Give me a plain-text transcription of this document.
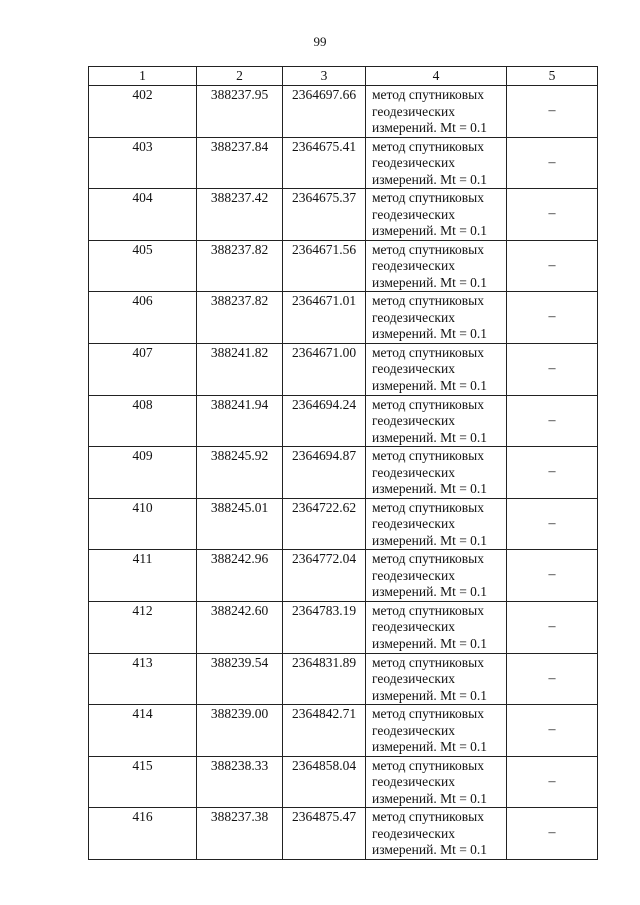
99
1	2	3	4	5
402	388237.95	2364697.66	метод спутниковых
геодезических
измерений. Mt = 0.1	–
403	388237.84	2364675.41	метод спутниковых
геодезических
измерений. Mt = 0.1	–
404	388237.42	2364675.37	метод спутниковых
геодезических
измерений. Mt = 0.1	–
405	388237.82	2364671.56	метод спутниковых
геодезических
измерений. Mt = 0.1	–
406	388237.82	2364671.01	метод спутниковых
геодезических
измерений. Mt = 0.1	–
407	388241.82	2364671.00	метод спутниковых
геодезических
измерений. Mt = 0.1	–
408	388241.94	2364694.24	метод спутниковых
геодезических
измерений. Mt = 0.1	–
409	388245.92	2364694.87	метод спутниковых
геодезических
измерений. Mt = 0.1	–
410	388245.01	2364722.62	метод спутниковых
геодезических
измерений. Mt = 0.1	–
411	388242.96	2364772.04	метод спутниковых
геодезических
измерений. Mt = 0.1	–
412	388242.60	2364783.19	метод спутниковых
геодезических
измерений. Mt = 0.1	–
413	388239.54	2364831.89	метод спутниковых
геодезических
измерений. Mt = 0.1	–
414	388239.00	2364842.71	метод спутниковых
геодезических
измерений. Mt = 0.1	–
415	388238.33	2364858.04	метод спутниковых
геодезических
измерений. Mt = 0.1	–
416	388237.38	2364875.47	метод спутниковых
геодезических
измерений. Mt = 0.1	–
